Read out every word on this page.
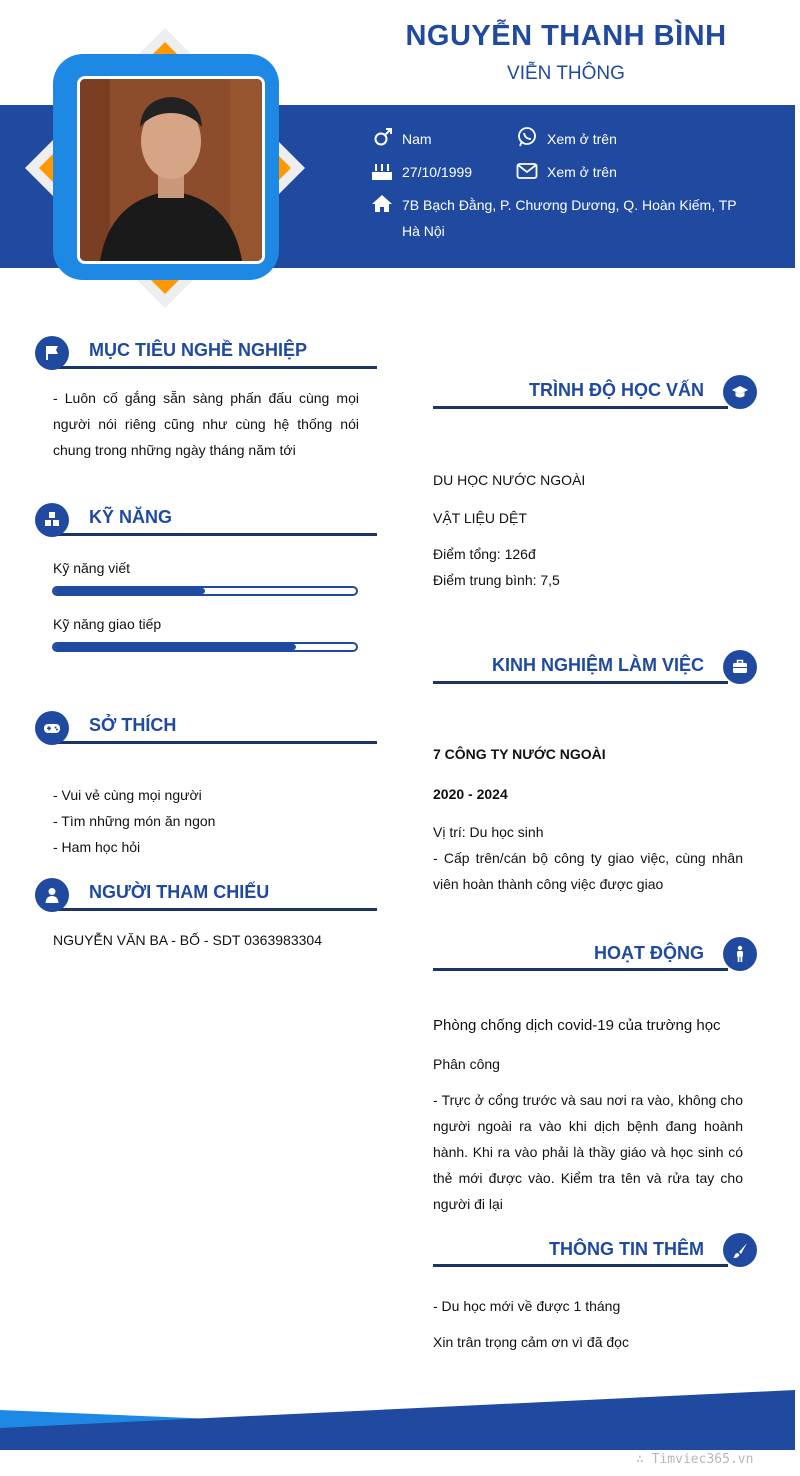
NGUYỄN THANH BÌNH
VIỄN THÔNG
Nam	Xem ở trên
27/10/1999	Xem ở trên
7B Bạch Đằng, P. Chương Dương, Q. Hoàn Kiếm, TP
Hà Nội
MỤC TIÊU NGHỀ NGHIỆP
- Luôn cố gắng sẵn sàng phấn đấu cùng mọi
người nói riêng cũng như cùng hệ thống nói
chung trong những ngày tháng năm tới
KỸ NĂNG
Kỹ năng viết
Kỹ năng giao tiếp
SỞ THÍCH
- Vui vẻ cùng mọi người
- Tìm những món ăn ngon
- Ham học hỏi
NGƯỜI THAM CHIẾU
NGUYỄN VĂN BA - BỐ - SDT 0363983304
TRÌNH ĐỘ HỌC VẤN
DU HỌC NƯỚC NGOÀI
VẬT LIỆU DỆT
Điểm tổng: 126đ
Điểm trung bình: 7,5
KINH NGHIỆM LÀM VIỆC
7 CÔNG TY NƯỚC NGOÀI
2020 - 2024
Vị trí: Du học sinh
- Cấp trên/cán bộ công ty giao việc, cùng nhân
viên hoàn thành công việc được giao
HOẠT ĐỘNG
Phòng chống dịch covid-19 của trường học
Phân công
- Trực ở cổng trước và sau nơi ra vào, không cho
người ngoài ra vào khi dịch bệnh đang hoành
hành. Khi ra vào phải là thầy giáo và học sinh có
thẻ mới được vào. Kiểm tra tên và rửa tay cho
người đi lại
THÔNG TIN THÊM
- Du học mới về được 1 tháng
Xin trân trọng cảm ơn vì đã đọc
∴ Timviec365.vn
